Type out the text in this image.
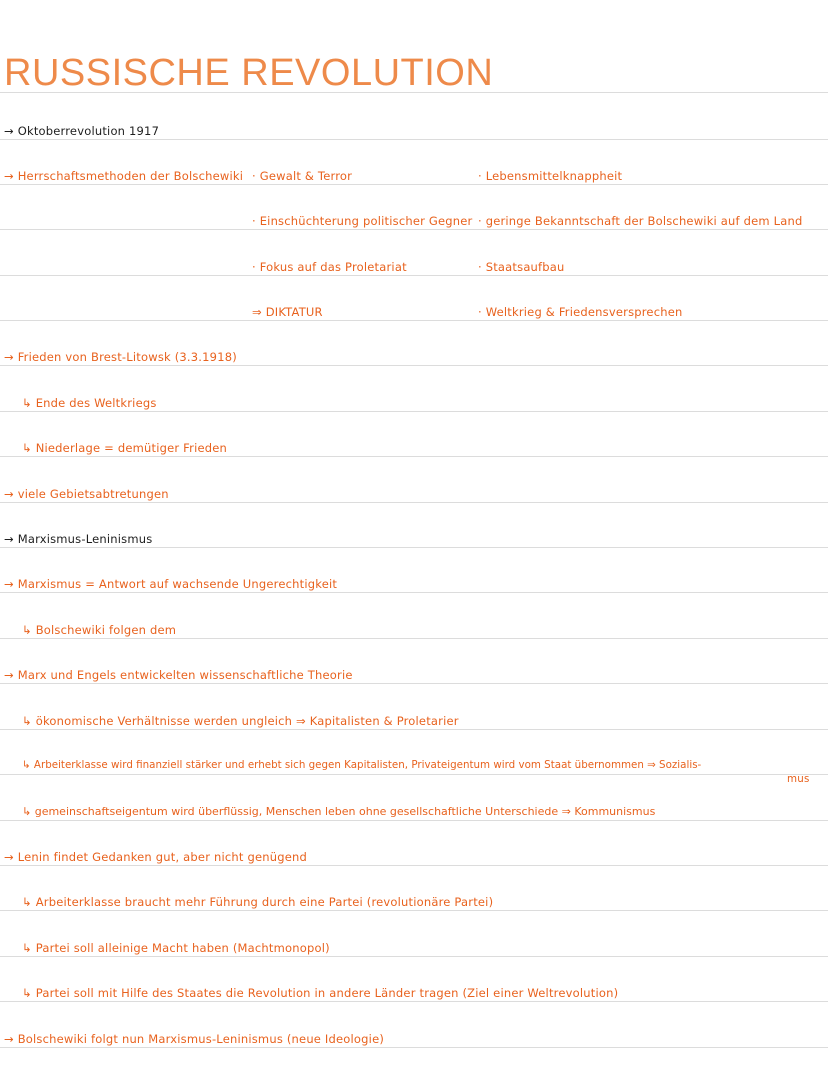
RUSSISCHE REVOLUTION
→ Oktoberrevolution 1917
→ Herrschaftsmethoden der Bolschewiki · Gewalt & Terror	· Lebensmittelknappheit
· Einschüchterung politischer Gegner · geringe Bekanntschaft der Bolschewiki auf dem Land
· Fokus auf das Proletariat	· Staatsaufbau
⇒ DIKTATUR	· Weltkrieg & Friedensversprechen
→ Frieden von Brest-Litowsk (3.3.1918)
↳ Ende des Weltkriegs
↳ Niederlage = demütiger Frieden
→ viele Gebietsabtretungen
→ Marxismus-Leninismus
→ Marxismus = Antwort auf wachsende Ungerechtigkeit
↳ Bolschewiki folgen dem
→ Marx und Engels entwickelten wissenschaftliche Theorie
↳ ökonomische Verhältnisse werden ungleich ⇒ Kapitalisten & Proletarier
↳ Arbeiterklasse wird finanziell stärker und erhebt sich gegen Kapitalisten, Privateigentum wird vom Staat übernommen ⇒ Sozialis-
mus
↳ gemeinschaftseigentum wird überflüssig, Menschen leben ohne gesellschaftliche Unterschiede ⇒ Kommunismus
→ Lenin findet Gedanken gut, aber nicht genügend
↳ Arbeiterklasse braucht mehr Führung durch eine Partei (revolutionäre Partei)
↳ Partei soll alleinige Macht haben (Machtmonopol)
↳ Partei soll mit Hilfe des Staates die Revolution in andere Länder tragen (Ziel einer Weltrevolution)
→ Bolschewiki folgt nun Marxismus-Leninismus (neue Ideologie)
